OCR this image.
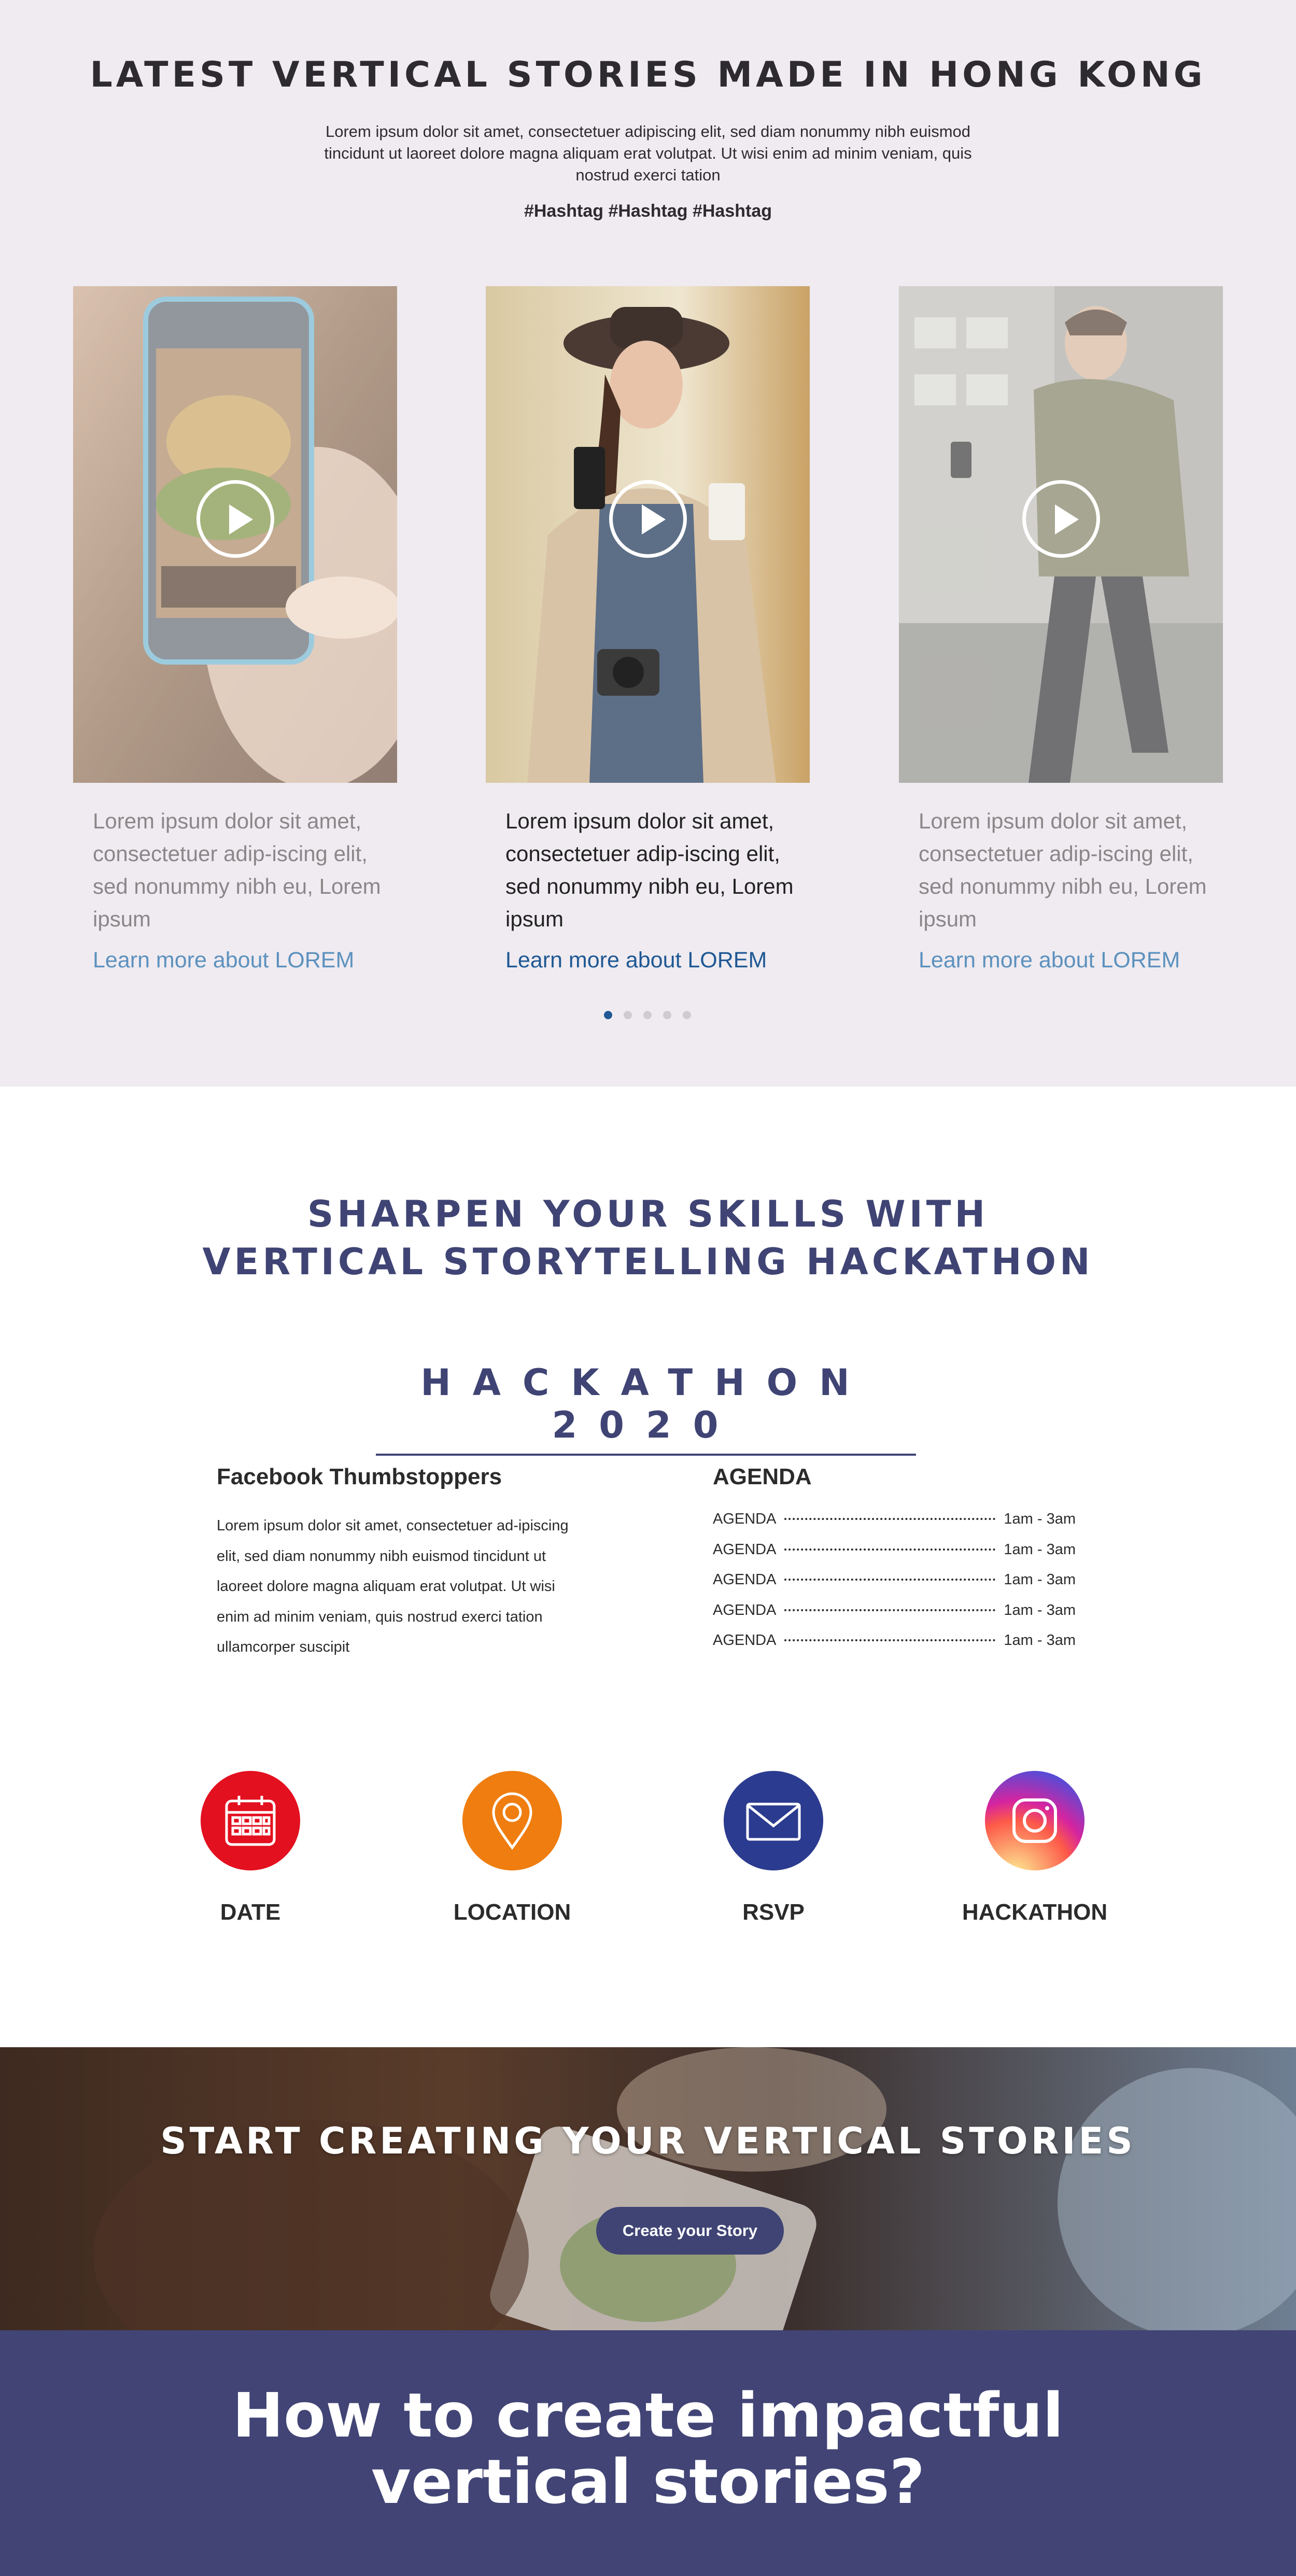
LATEST VERTICAL STORIES MADE IN HONG KONG

Lorem ipsum dolor sit amet, consectetuer adipiscing elit, sed diam nonummy nibh euismod tincidunt ut laoreet dolore magna aliquam erat volutpat. Ut wisi enim ad minim veniam, quis nostrud exerci tation

#Hashtag #Hashtag #Hashtag

Lorem ipsum dolor sit amet, consectetuer adip-iscing elit, sed nonummy nibh eu, Lorem ipsum

Learn more about LOREM

Lorem ipsum dolor sit amet, consectetuer adip-iscing elit, sed nonummy nibh eu, Lorem ipsum

Learn more about LOREM

Lorem ipsum dolor sit amet, consectetuer adip-iscing elit, sed nonummy nibh eu, Lorem ipsum

Learn more about LOREM
SHARPEN YOUR SKILLS WITH
VERTICAL STORYTELLING HACKATHON
HACKATHON 2020
Facebook Thumbstoppers

Lorem ipsum dolor sit amet, consectetuer ad-ipiscing elit, sed diam nonummy nibh euismod tincidunt ut laoreet dolore magna aliquam erat volutpat. Ut wisi enim ad minim veniam, quis nostrud exerci tation ullamcorper suscipit

AGENDA
AGENDA	1am - 3am
AGENDA	1am - 3am
AGENDA	1am - 3am
AGENDA	1am - 3am
AGENDA	1am - 3am
DATE	LOCATION	RSVP	HACKATHON
START CREATING YOUR VERTICAL STORIES
Create your Story
How to create impactful
vertical stories?
